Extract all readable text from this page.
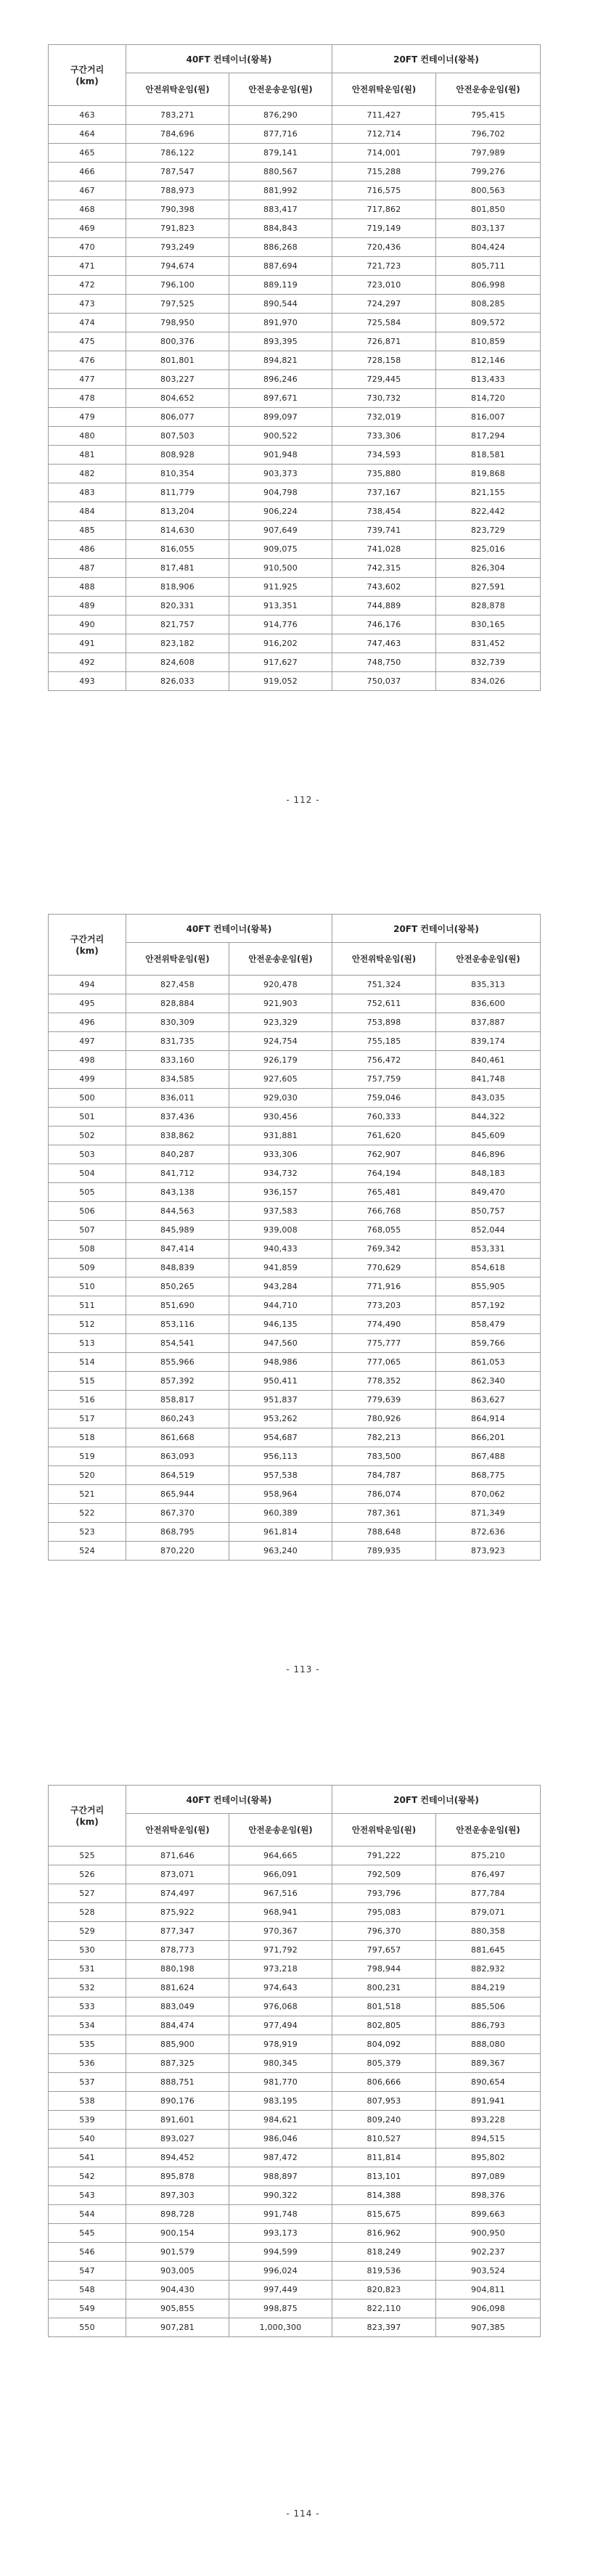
구간거리
(km)	40FT 컨테이너(왕복)		20FT 컨테이너(왕복)	
	안전위탁운임(원)	안전운송운임(원)	안전위탁운임(원)	안전운송운임(원)
463	783,271	876,290	711,427	795,415
464	784,696	877,716	712,714	796,702
465	786,122	879,141	714,001	797,989
466	787,547	880,567	715,288	799,276
467	788,973	881,992	716,575	800,563
468	790,398	883,417	717,862	801,850
469	791,823	884,843	719,149	803,137
470	793,249	886,268	720,436	804,424
471	794,674	887,694	721,723	805,711
472	796,100	889,119	723,010	806,998
473	797,525	890,544	724,297	808,285
474	798,950	891,970	725,584	809,572
475	800,376	893,395	726,871	810,859
476	801,801	894,821	728,158	812,146
477	803,227	896,246	729,445	813,433
478	804,652	897,671	730,732	814,720
479	806,077	899,097	732,019	816,007
480	807,503	900,522	733,306	817,294
481	808,928	901,948	734,593	818,581
482	810,354	903,373	735,880	819,868
483	811,779	904,798	737,167	821,155
484	813,204	906,224	738,454	822,442
485	814,630	907,649	739,741	823,729
486	816,055	909,075	741,028	825,016
487	817,481	910,500	742,315	826,304
488	818,906	911,925	743,602	827,591
489	820,331	913,351	744,889	828,878
490	821,757	914,776	746,176	830,165
491	823,182	916,202	747,463	831,452
492	824,608	917,627	748,750	832,739
493	826,033	919,052	750,037	834,026
- 112 -
구간거리
(km)	40FT 컨테이너(왕복)		20FT 컨테이너(왕복)	
	안전위탁운임(원)	안전운송운임(원)	안전위탁운임(원)	안전운송운임(원)
494	827,458	920,478	751,324	835,313
495	828,884	921,903	752,611	836,600
496	830,309	923,329	753,898	837,887
497	831,735	924,754	755,185	839,174
498	833,160	926,179	756,472	840,461
499	834,585	927,605	757,759	841,748
500	836,011	929,030	759,046	843,035
501	837,436	930,456	760,333	844,322
502	838,862	931,881	761,620	845,609
503	840,287	933,306	762,907	846,896
504	841,712	934,732	764,194	848,183
505	843,138	936,157	765,481	849,470
506	844,563	937,583	766,768	850,757
507	845,989	939,008	768,055	852,044
508	847,414	940,433	769,342	853,331
509	848,839	941,859	770,629	854,618
510	850,265	943,284	771,916	855,905
511	851,690	944,710	773,203	857,192
512	853,116	946,135	774,490	858,479
513	854,541	947,560	775,777	859,766
514	855,966	948,986	777,065	861,053
515	857,392	950,411	778,352	862,340
516	858,817	951,837	779,639	863,627
517	860,243	953,262	780,926	864,914
518	861,668	954,687	782,213	866,201
519	863,093	956,113	783,500	867,488
520	864,519	957,538	784,787	868,775
521	865,944	958,964	786,074	870,062
522	867,370	960,389	787,361	871,349
523	868,795	961,814	788,648	872,636
524	870,220	963,240	789,935	873,923
- 113 -
구간거리
(km)	40FT 컨테이너(왕복)		20FT 컨테이너(왕복)	
	안전위탁운임(원)	안전운송운임(원)	안전위탁운임(원)	안전운송운임(원)
525	871,646	964,665	791,222	875,210
526	873,071	966,091	792,509	876,497
527	874,497	967,516	793,796	877,784
528	875,922	968,941	795,083	879,071
529	877,347	970,367	796,370	880,358
530	878,773	971,792	797,657	881,645
531	880,198	973,218	798,944	882,932
532	881,624	974,643	800,231	884,219
533	883,049	976,068	801,518	885,506
534	884,474	977,494	802,805	886,793
535	885,900	978,919	804,092	888,080
536	887,325	980,345	805,379	889,367
537	888,751	981,770	806,666	890,654
538	890,176	983,195	807,953	891,941
539	891,601	984,621	809,240	893,228
540	893,027	986,046	810,527	894,515
541	894,452	987,472	811,814	895,802
542	895,878	988,897	813,101	897,089
543	897,303	990,322	814,388	898,376
544	898,728	991,748	815,675	899,663
545	900,154	993,173	816,962	900,950
546	901,579	994,599	818,249	902,237
547	903,005	996,024	819,536	903,524
548	904,430	997,449	820,823	904,811
549	905,855	998,875	822,110	906,098
550	907,281	1,000,300	823,397	907,385
- 114 -
